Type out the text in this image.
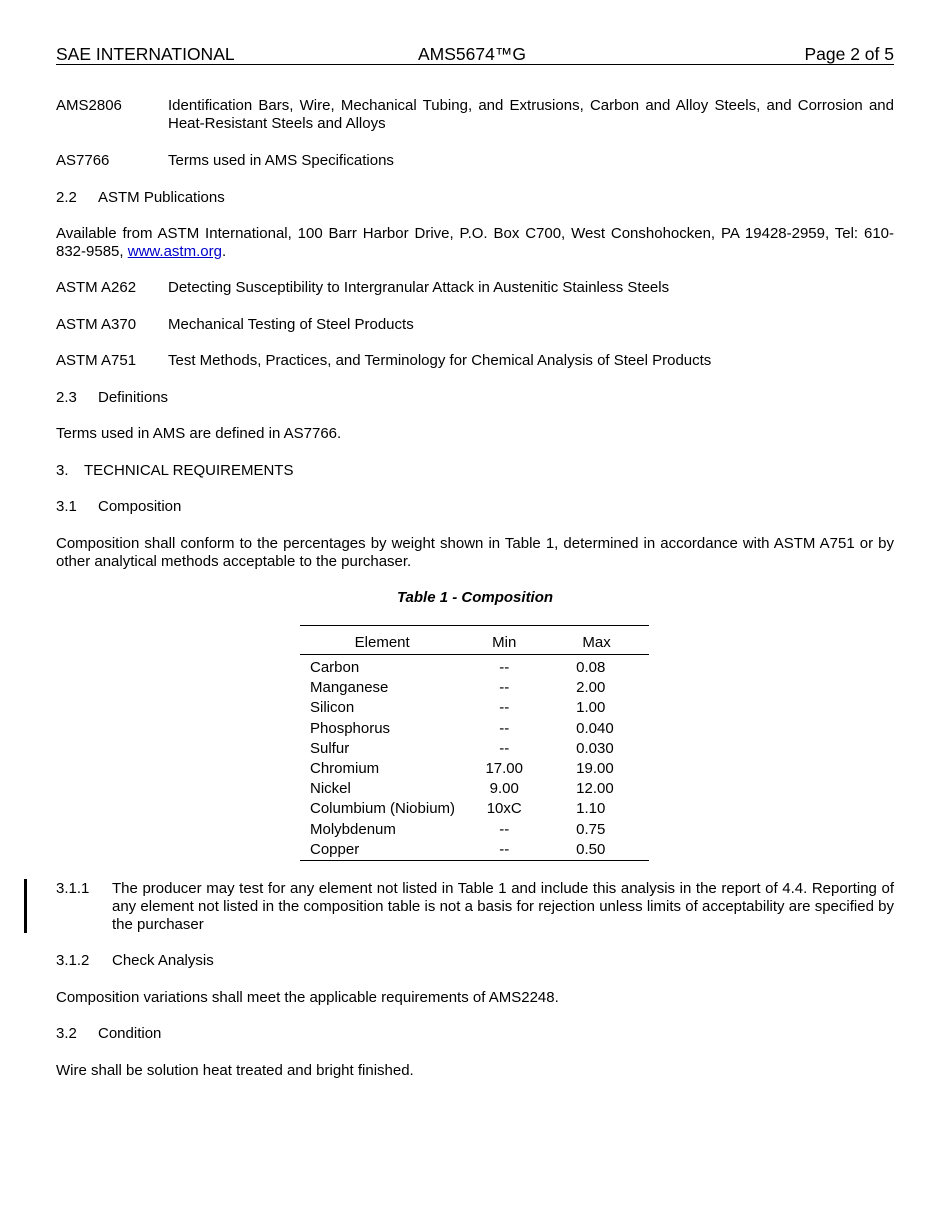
SAE INTERNATIONAL	AMS5674™G	Page 2 of 5
AMS2806	Identification Bars, Wire, Mechanical Tubing, and Extrusions, Carbon and Alloy Steels, and Corrosion and Heat-Resistant Steels and Alloys
AS7766	Terms used in AMS Specifications
2.2 ASTM Publications
Available from ASTM International, 100 Barr Harbor Drive, P.O. Box C700, West Conshohocken, PA 19428-2959, Tel: 610-832-9585, www.astm.org.
ASTM A262	Detecting Susceptibility to Intergranular Attack in Austenitic Stainless Steels
ASTM A370	Mechanical Testing of Steel Products
ASTM A751	Test Methods, Practices, and Terminology for Chemical Analysis of Steel Products
2.3 Definitions
Terms used in AMS are defined in AS7766.
3. TECHNICAL REQUIREMENTS
3.1 Composition
Composition shall conform to the percentages by weight shown in Table 1, determined in accordance with ASTM A751 or by other analytical methods acceptable to the purchaser.
Table 1 - Composition
Element	Min	Max
Carbon	--	0.08
Manganese	--	2.00
Silicon	--	1.00
Phosphorus	--	0.040
Sulfur	--	0.030
Chromium	17.00	19.00
Nickel	9.00	12.00
Columbium (Niobium)	10xC	1.10
Molybdenum	--	0.75
Copper	--	0.50
3.1.1 The producer may test for any element not listed in Table 1 and include this analysis in the report of 4.4. Reporting of any element not listed in the composition table is not a basis for rejection unless limits of acceptability are specified by the purchaser
3.1.2 Check Analysis
Composition variations shall meet the applicable requirements of AMS2248.
3.2 Condition
Wire shall be solution heat treated and bright finished.
